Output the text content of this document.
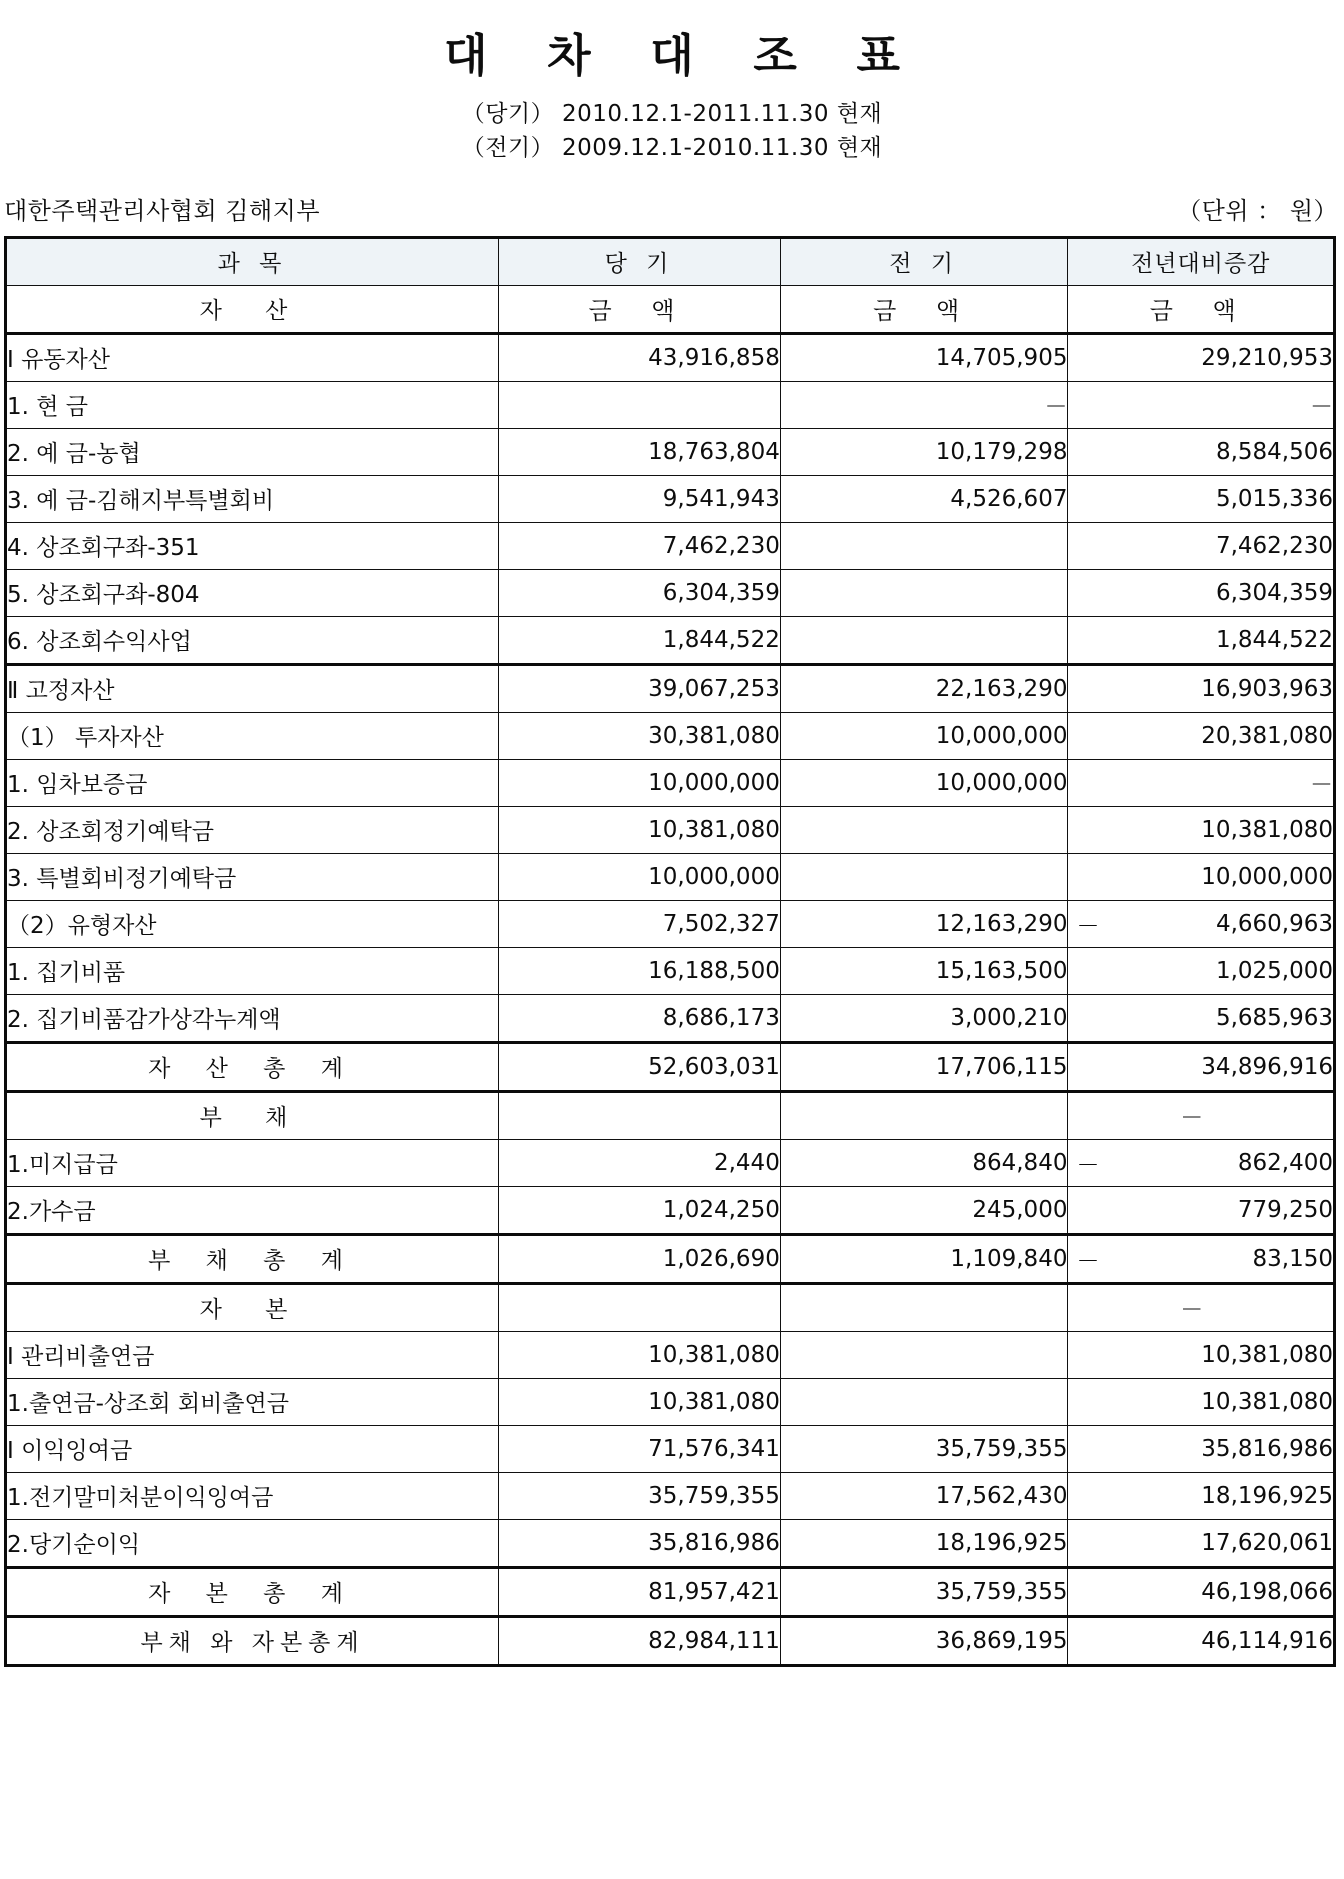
대 차 대 조 표
（당기） 2010.12.1-2011.11.30 현재
（전기） 2009.12.1-2010.11.30 현재
대한주택관리사협회 김해지부	（단위 ： 원）
과 목	당 기	전 기	전년대비증감
자 산	금 액	금 액	금 액
Ⅰ 유동자산	43,916,858	14,705,905	29,210,953
1. 현 금		－	－
2. 예 금-농협	18,763,804	10,179,298	8,584,506
3. 예 금-김해지부특별회비	9,541,943	4,526,607	5,015,336
4. 상조회구좌-351	7,462,230		7,462,230
5. 상조회구좌-804	6,304,359		6,304,359
6. 상조회수익사업	1,844,522		1,844,522
Ⅱ 고정자산	39,067,253	22,163,290	16,903,963
（1） 투자자산	30,381,080	10,000,000	20,381,080
1. 임차보증금	10,000,000	10,000,000	－
2. 상조회정기예탁금	10,381,080		10,381,080
3. 특별회비정기예탁금	10,000,000		10,000,000
（2）유형자산	7,502,327	12,163,290	－ 4,660,963
1. 집기비품	16,188,500	15,163,500	1,025,000
2. 집기비품감가상각누계액	8,686,173	3,000,210	5,685,963
자 산 총 계	52,603,031	17,706,115	34,896,916
부 채			－
1.미지급금	2,440	864,840	－ 862,400
2.가수금	1,024,250	245,000	779,250
부 채 총 계	1,026,690	1,109,840	－ 83,150
자 본			－
Ⅰ 관리비출연금	10,381,080		10,381,080
1.출연금-상조회 회비출연금	10,381,080		10,381,080
Ⅰ 이익잉여금	71,576,341	35,759,355	35,816,986
1.전기말미처분이익잉여금	35,759,355	17,562,430	18,196,925
2.당기순이익	35,816,986	18,196,925	17,620,061
자 본 총 계	81,957,421	35,759,355	46,198,066
부채 와 자본총계	82,984,111	36,869,195	46,114,916
